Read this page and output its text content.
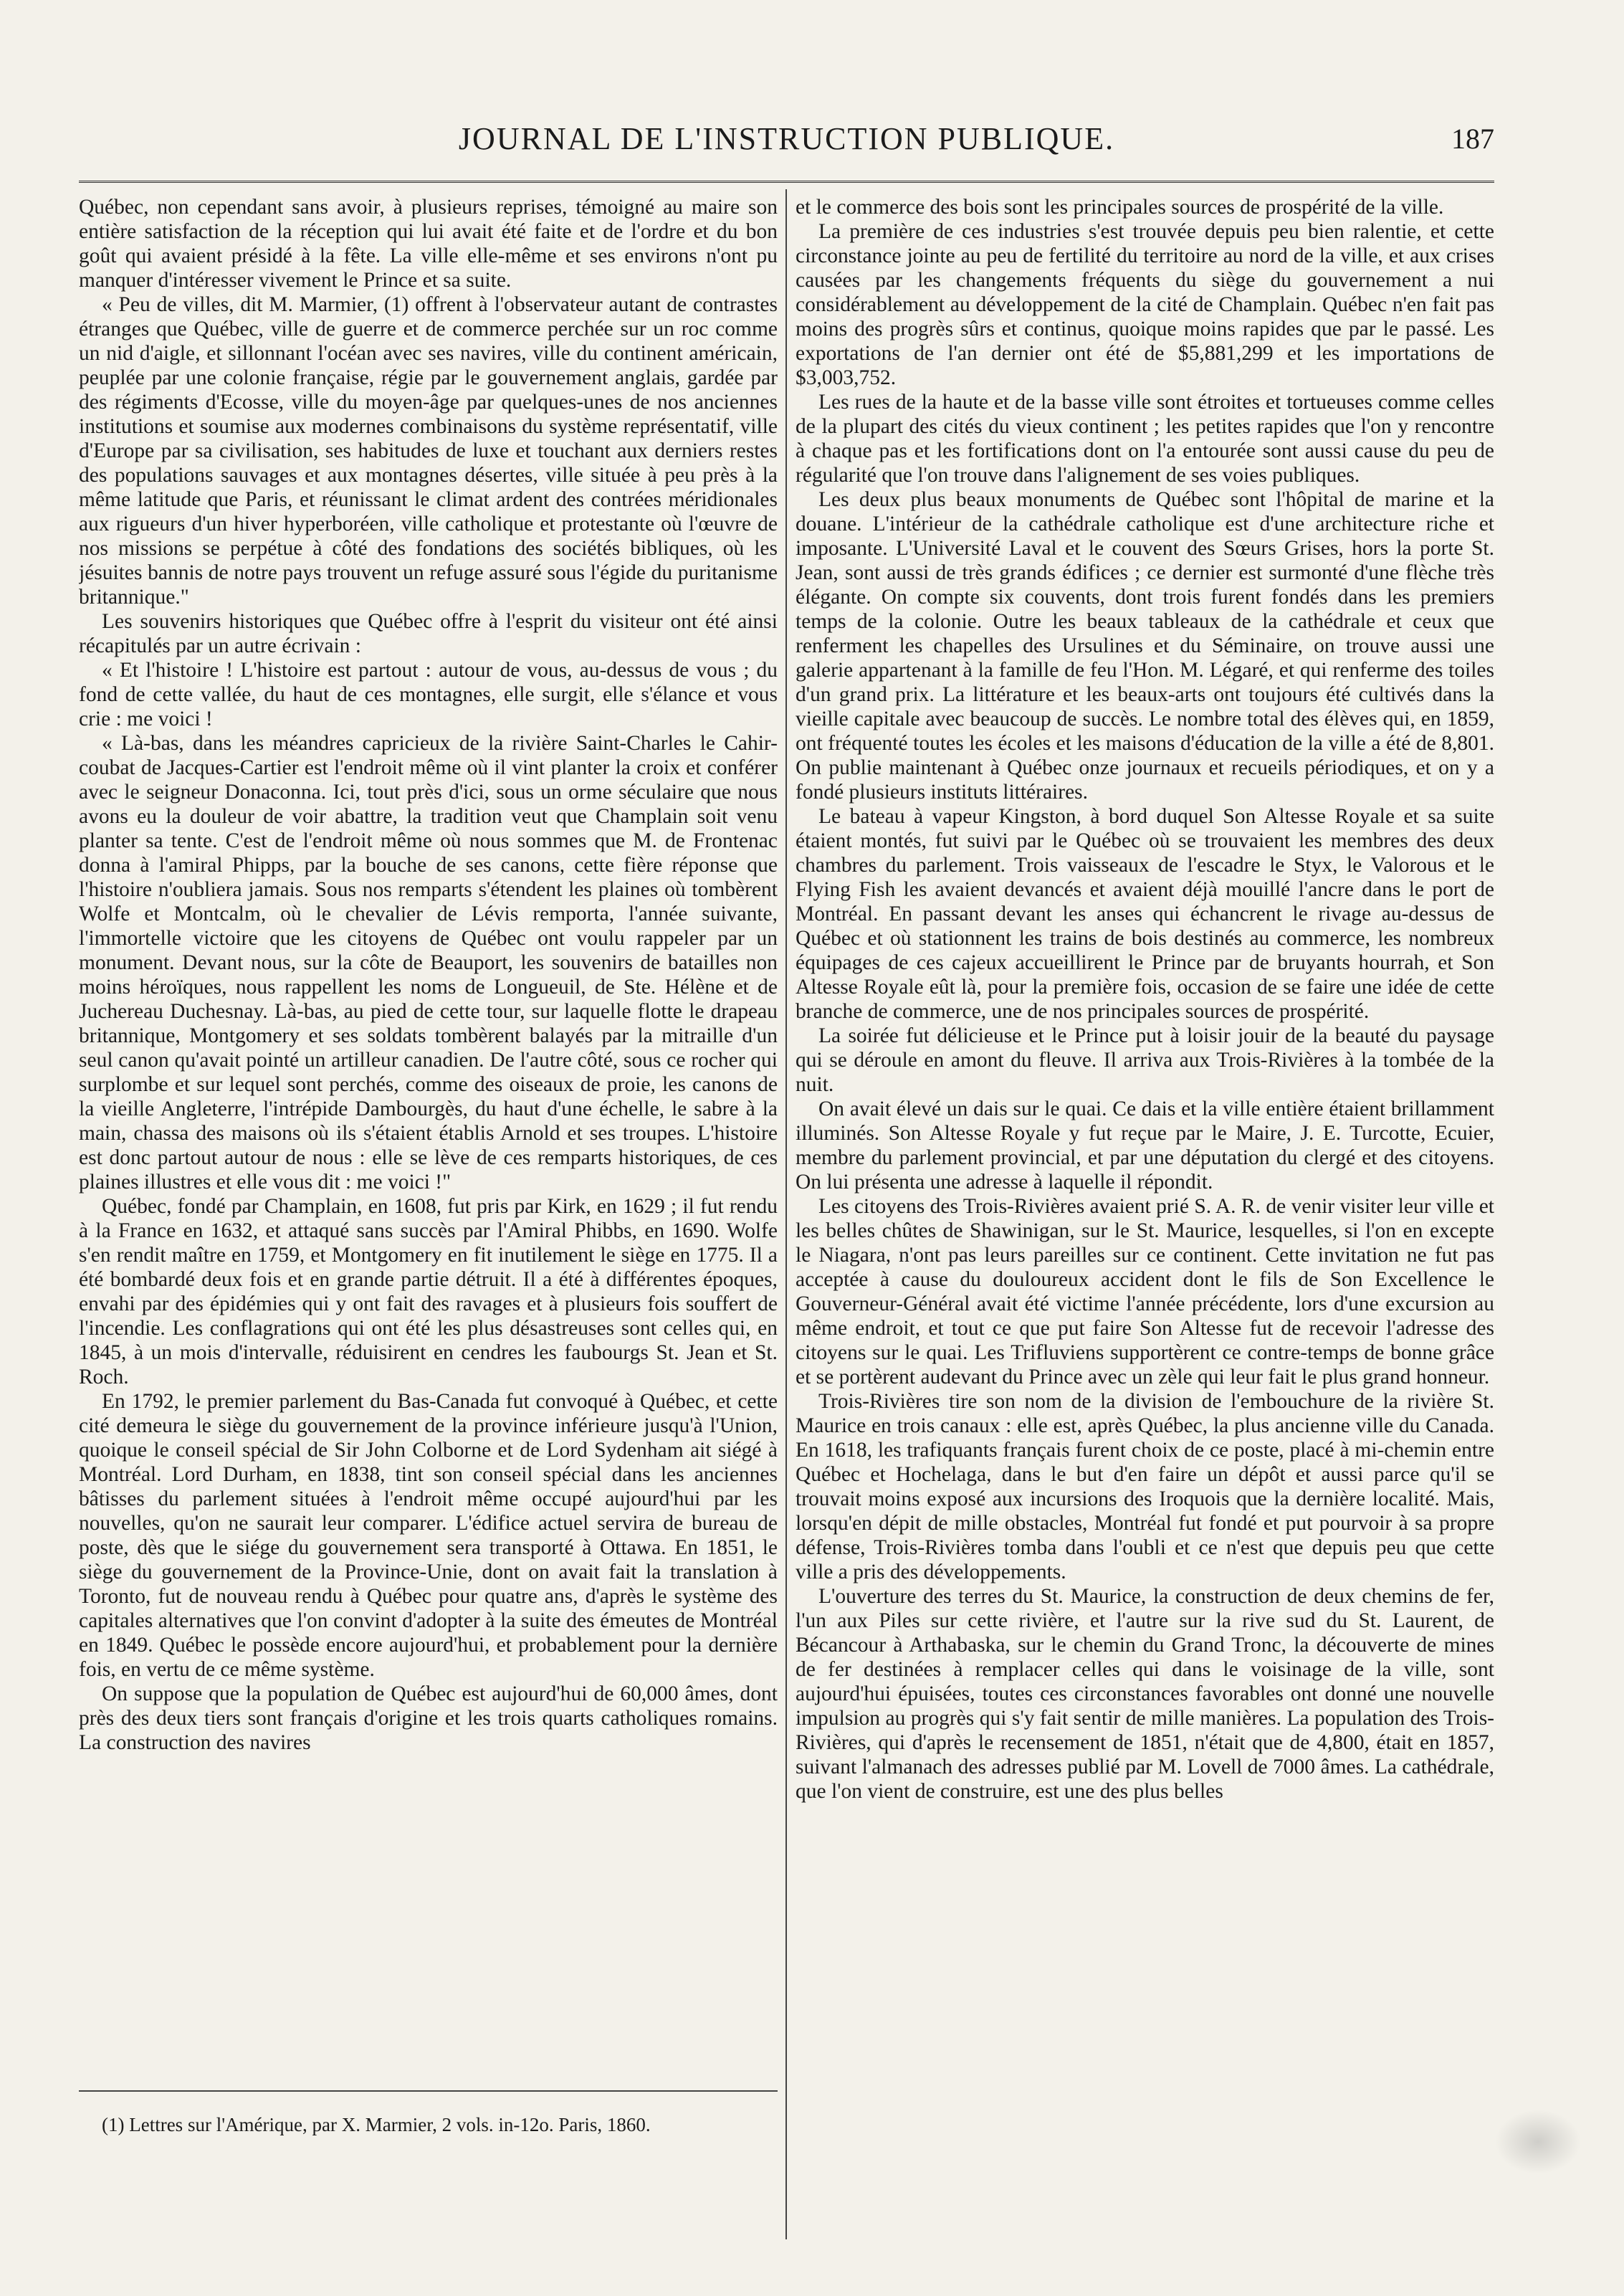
JOURNAL DE L'INSTRUCTION PUBLIQUE.	187

Québec, non cependant sans avoir, à plusieurs reprises, témoigné au maire son entière satisfaction de la réception qui lui avait été faite et de l'ordre et du bon goût qui avaient présidé à la fête. La ville elle-même et ses environs n'ont pu manquer d'intéresser vivement le Prince et sa suite.

« Peu de villes, dit M. Marmier, (1) offrent à l'observateur autant de contrastes étranges que Québec, ville de guerre et de commerce perchée sur un roc comme un nid d'aigle, et sillonnant l'océan avec ses navires, ville du continent américain, peuplée par une colonie française, régie par le gouvernement anglais, gardée par des régiments d'Ecosse, ville du moyen-âge par quelques-unes de nos anciennes institutions et soumise aux modernes combinaisons du système représentatif, ville d'Europe par sa civilisation, ses habitudes de luxe et touchant aux derniers restes des populations sauvages et aux montagnes désertes, ville située à peu près à la même latitude que Paris, et réunissant le climat ardent des contrées méridionales aux rigueurs d'un hiver hyperboréen, ville catholique et protestante où l'œuvre de nos missions se perpétue à côté des fondations des sociétés bibliques, où les jésuites bannis de notre pays trouvent un refuge assuré sous l'égide du puritanisme britannique."

Les souvenirs historiques que Québec offre à l'esprit du visiteur ont été ainsi récapitulés par un autre écrivain :

« Et l'histoire ! L'histoire est partout : autour de vous, au-dessus de vous ; du fond de cette vallée, du haut de ces montagnes, elle surgit, elle s'élance et vous crie : me voici !

« Là-bas, dans les méandres capricieux de la rivière Saint-Charles le Cahir-coubat de Jacques-Cartier est l'endroit même où il vint planter la croix et conférer avec le seigneur Donaconna. Ici, tout près d'ici, sous un orme séculaire que nous avons eu la douleur de voir abattre, la tradition veut que Champlain soit venu planter sa tente. C'est de l'endroit même où nous sommes que M. de Frontenac donna à l'amiral Phipps, par la bouche de ses canons, cette fière réponse que l'histoire n'oubliera jamais. Sous nos remparts s'étendent les plaines où tombèrent Wolfe et Montcalm, où le chevalier de Lévis remporta, l'année suivante, l'immortelle victoire que les citoyens de Québec ont voulu rappeler par un monument. Devant nous, sur la côte de Beauport, les souvenirs de batailles non moins héroïques, nous rappellent les noms de Longueuil, de Ste. Hélène et de Juchereau Duchesnay. Là-bas, au pied de cette tour, sur laquelle flotte le drapeau britannique, Montgomery et ses soldats tombèrent balayés par la mitraille d'un seul canon qu'avait pointé un artilleur canadien. De l'autre côté, sous ce rocher qui surplombe et sur lequel sont perchés, comme des oiseaux de proie, les canons de la vieille Angleterre, l'intrépide Dambourgès, du haut d'une échelle, le sabre à la main, chassa des maisons où ils s'étaient établis Arnold et ses troupes. L'histoire est donc partout autour de nous : elle se lève de ces remparts historiques, de ces plaines illustres et elle vous dit : me voici !"

Québec, fondé par Champlain, en 1608, fut pris par Kirk, en 1629 ; il fut rendu à la France en 1632, et attaqué sans succès par l'Amiral Phibbs, en 1690. Wolfe s'en rendit maître en 1759, et Montgomery en fit inutilement le siège en 1775. Il a été bombardé deux fois et en grande partie détruit. Il a été à différentes époques, envahi par des épidémies qui y ont fait des ravages et à plusieurs fois souffert de l'incendie. Les conflagrations qui ont été les plus désastreuses sont celles qui, en 1845, à un mois d'intervalle, réduisirent en cendres les faubourgs St. Jean et St. Roch.

En 1792, le premier parlement du Bas-Canada fut convoqué à Québec, et cette cité demeura le siège du gouvernement de la province inférieure jusqu'à l'Union, quoique le conseil spécial de Sir John Colborne et de Lord Sydenham ait siégé à Montréal. Lord Durham, en 1838, tint son conseil spécial dans les anciennes bâtisses du parlement situées à l'endroit même occupé aujourd'hui par les nouvelles, qu'on ne saurait leur comparer. L'édifice actuel servira de bureau de poste, dès que le siége du gouvernement sera transporté à Ottawa. En 1851, le siège du gouvernement de la Province-Unie, dont on avait fait la translation à Toronto, fut de nouveau rendu à Québec pour quatre ans, d'après le système des capitales alternatives que l'on convint d'adopter à la suite des émeutes de Montréal en 1849. Québec le possède encore aujourd'hui, et probablement pour la dernière fois, en vertu de ce même système.

On suppose que la population de Québec est aujourd'hui de 60,000 âmes, dont près des deux tiers sont français d'origine et les trois quarts catholiques romains. La construction des navires

et le commerce des bois sont les principales sources de prospérité de la ville.

La première de ces industries s'est trouvée depuis peu bien ralentie, et cette circonstance jointe au peu de fertilité du territoire au nord de la ville, et aux crises causées par les changements fréquents du siège du gouvernement a nui considérablement au développement de la cité de Champlain. Québec n'en fait pas moins des progrès sûrs et continus, quoique moins rapides que par le passé. Les exportations de l'an dernier ont été de $5,881,299 et les importations de $3,003,752.

Les rues de la haute et de la basse ville sont étroites et tortueuses comme celles de la plupart des cités du vieux continent ; les petites rapides que l'on y rencontre à chaque pas et les fortifications dont on l'a entourée sont aussi cause du peu de régularité que l'on trouve dans l'alignement de ses voies publiques.

Les deux plus beaux monuments de Québec sont l'hôpital de marine et la douane. L'intérieur de la cathédrale catholique est d'une architecture riche et imposante. L'Université Laval et le couvent des Sœurs Grises, hors la porte St. Jean, sont aussi de très grands édifices ; ce dernier est surmonté d'une flèche très élégante. On compte six couvents, dont trois furent fondés dans les premiers temps de la colonie. Outre les beaux tableaux de la cathédrale et ceux que renferment les chapelles des Ursulines et du Séminaire, on trouve aussi une galerie appartenant à la famille de feu l'Hon. M. Légaré, et qui renferme des toiles d'un grand prix. La littérature et les beaux-arts ont toujours été cultivés dans la vieille capitale avec beaucoup de succès. Le nombre total des élèves qui, en 1859, ont fréquenté toutes les écoles et les maisons d'éducation de la ville a été de 8,801. On publie maintenant à Québec onze journaux et recueils périodiques, et on y a fondé plusieurs instituts littéraires.

Le bateau à vapeur Kingston, à bord duquel Son Altesse Royale et sa suite étaient montés, fut suivi par le Québec où se trouvaient les membres des deux chambres du parlement. Trois vaisseaux de l'escadre le Styx, le Valorous et le Flying Fish les avaient devancés et avaient déjà mouillé l'ancre dans le port de Montréal. En passant devant les anses qui échancrent le rivage au-dessus de Québec et où stationnent les trains de bois destinés au commerce, les nombreux équipages de ces cajeux accueillirent le Prince par de bruyants hourrah, et Son Altesse Royale eût là, pour la première fois, occasion de se faire une idée de cette branche de commerce, une de nos principales sources de prospérité.

La soirée fut délicieuse et le Prince put à loisir jouir de la beauté du paysage qui se déroule en amont du fleuve. Il arriva aux Trois-Rivières à la tombée de la nuit.

On avait élevé un dais sur le quai. Ce dais et la ville entière étaient brillamment illuminés. Son Altesse Royale y fut reçue par le Maire, J. E. Turcotte, Ecuier, membre du parlement provincial, et par une députation du clergé et des citoyens. On lui présenta une adresse à laquelle il répondit.

Les citoyens des Trois-Rivières avaient prié S. A. R. de venir visiter leur ville et les belles chûtes de Shawinigan, sur le St. Maurice, lesquelles, si l'on en excepte le Niagara, n'ont pas leurs pareilles sur ce continent. Cette invitation ne fut pas acceptée à cause du douloureux accident dont le fils de Son Excellence le Gouverneur-Général avait été victime l'année précédente, lors d'une excursion au même endroit, et tout ce que put faire Son Altesse fut de recevoir l'adresse des citoyens sur le quai. Les Trifluviens supportèrent ce contre-temps de bonne grâce et se portèrent audevant du Prince avec un zèle qui leur fait le plus grand honneur.

Trois-Rivières tire son nom de la division de l'embouchure de la rivière St. Maurice en trois canaux : elle est, après Québec, la plus ancienne ville du Canada. En 1618, les trafiquants français furent choix de ce poste, placé à mi-chemin entre Québec et Hochelaga, dans le but d'en faire un dépôt et aussi parce qu'il se trouvait moins exposé aux incursions des Iroquois que la dernière localité. Mais, lorsqu'en dépit de mille obstacles, Montréal fut fondé et put pourvoir à sa propre défense, Trois-Rivières tomba dans l'oubli et ce n'est que depuis peu que cette ville a pris des développements.

L'ouverture des terres du St. Maurice, la construction de deux chemins de fer, l'un aux Piles sur cette rivière, et l'autre sur la rive sud du St. Laurent, de Bécancour à Arthabaska, sur le chemin du Grand Tronc, la découverte de mines de fer destinées à remplacer celles qui dans le voisinage de la ville, sont aujourd'hui épuisées, toutes ces circonstances favorables ont donné une nouvelle impulsion au progrès qui s'y fait sentir de mille manières. La population des Trois-Rivières, qui d'après le recensement de 1851, n'était que de 4,800, était en 1857, suivant l'almanach des adresses publié par M. Lovell de 7000 âmes. La cathédrale, que l'on vient de construire, est une des plus belles

(1) Lettres sur l'Amérique, par X. Marmier, 2 vols. in-12o. Paris, 1860.
